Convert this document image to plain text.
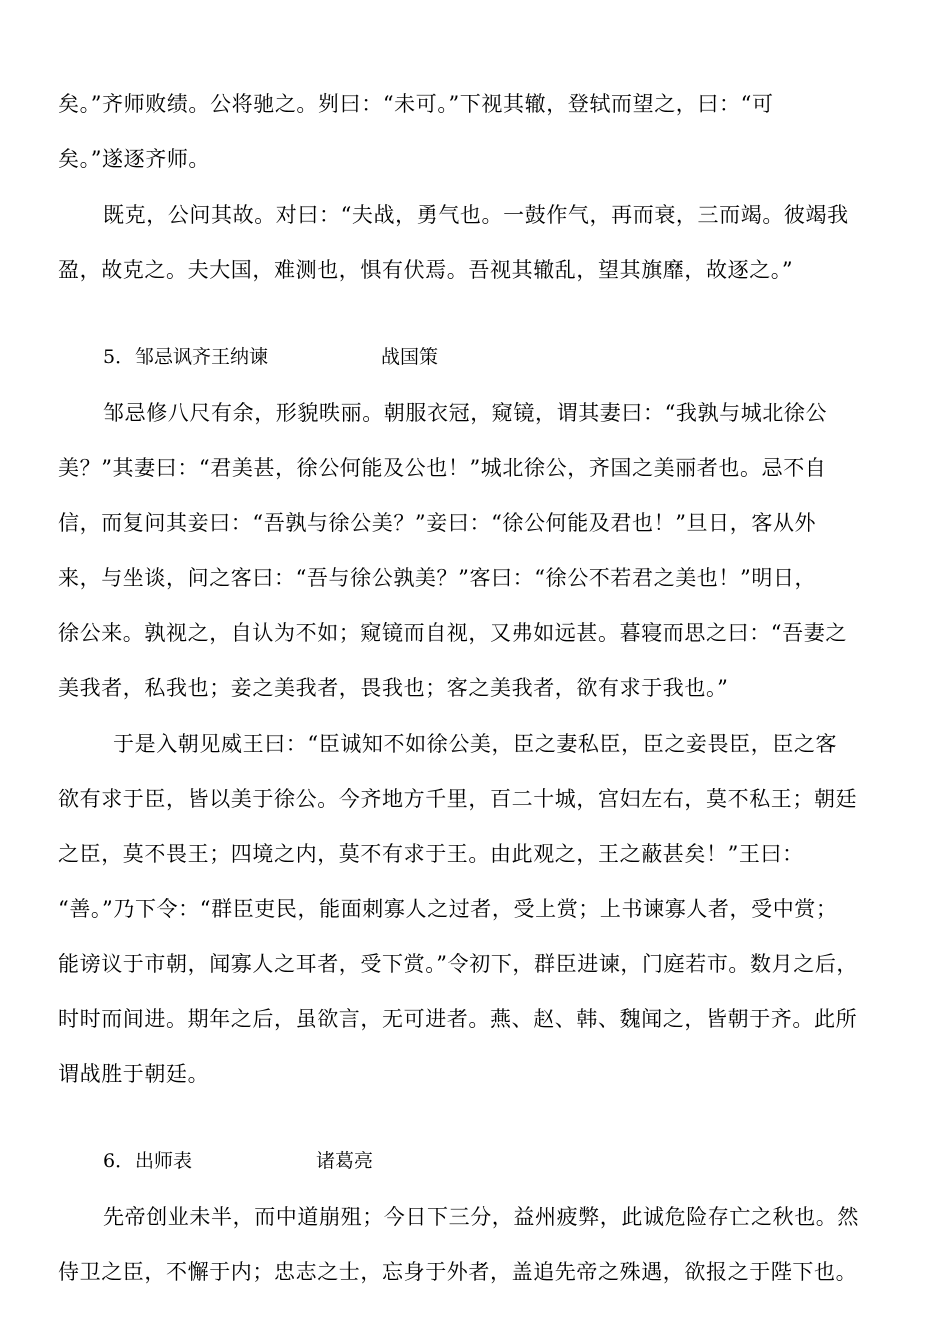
矣。”齐师败绩。公将驰之。刿曰：“未可。”下视其辙，登轼而望之，曰：“可
矣。”遂逐齐师。
既克，公问其故。对曰：“夫战，勇气也。一鼓作气，再而衰，三而竭。彼竭我
盈，故克之。夫大国，难测也，惧有伏焉。吾视其辙乱，望其旗靡，故逐之。”
5． 邹忌讽齐王纳谏	战国策
邹忌修八尺有余，形貌昳丽。朝服衣冠，窥镜，谓其妻曰：“我孰与城北徐公
美？”其妻曰：“君美甚，徐公何能及公也！”城北徐公，齐国之美丽者也。忌不自
信，而复问其妾曰：“吾孰与徐公美？”妾曰：“徐公何能及君也！”旦日，客从外
来，与坐谈，问之客曰：“吾与徐公孰美？”客曰：“徐公不若君之美也！”明日，
徐公来。孰视之，自认为不如；窥镜而自视，又弗如远甚。暮寝而思之曰：“吾妻之
美我者，私我也；妾之美我者，畏我也；客之美我者，欲有求于我也。”
于是入朝见威王曰：“臣诚知不如徐公美，臣之妻私臣，臣之妾畏臣，臣之客
欲有求于臣，皆以美于徐公。今齐地方千里，百二十城，宫妇左右，莫不私王；朝廷
之臣，莫不畏王；四境之内，莫不有求于王。由此观之，王之蔽甚矣！”王曰：
“善。”乃下令：“群臣吏民，能面刺寡人之过者，受上赏；上书谏寡人者，受中赏；
能谤议于市朝，闻寡人之耳者，受下赏。”令初下，群臣进谏，门庭若市。数月之后，
时时而间进。期年之后，虽欲言，无可进者。燕、赵、韩、魏闻之，皆朝于齐。此所
谓战胜于朝廷。
6． 出师表	诸葛亮
先帝创业未半，而中道崩殂；今日下三分，益州疲弊，此诚危险存亡之秋也。然
侍卫之臣，不懈于内；忠志之士，忘身于外者，盖追先帝之殊遇，欲报之于陛下也。
